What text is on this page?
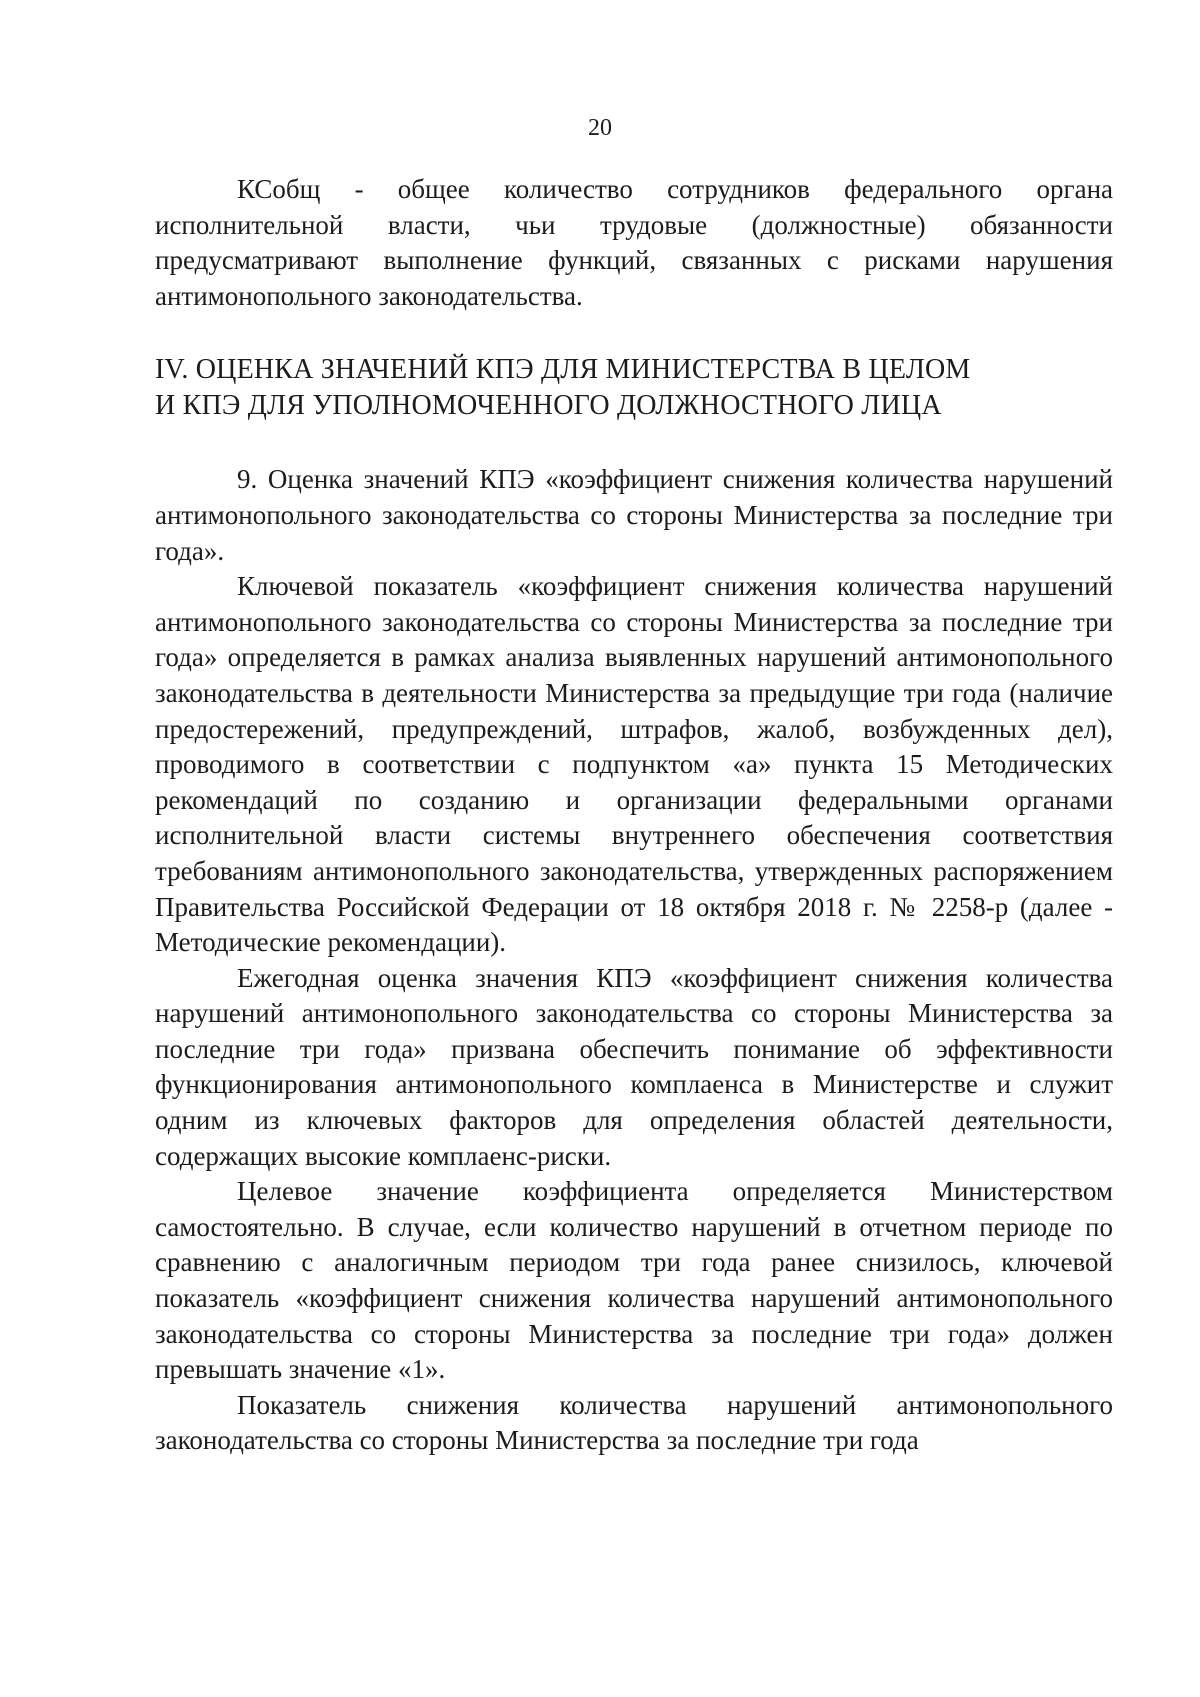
20

КСобщ - общее количество сотрудников федерального органа исполнительной власти, чьи трудовые (должностные) обязанности предусматривают выполнение функций, связанных с рисками нарушения антимонопольного законодательства.

IV. ОЦЕНКА ЗНАЧЕНИЙ КПЭ ДЛЯ МИНИСТЕРСТВА В ЦЕЛОМ
И КПЭ ДЛЯ УПОЛНОМОЧЕННОГО ДОЛЖНОСТНОГО ЛИЦА

9. Оценка значений КПЭ «коэффициент снижения количества нарушений антимонопольного законодательства со стороны Министерства за последние три года».

Ключевой показатель «коэффициент снижения количества нарушений антимонопольного законодательства со стороны Министерства за последние три года» определяется в рамках анализа выявленных нарушений антимонопольного законодательства в деятельности Министерства за предыдущие три года (наличие предостережений, предупреждений, штрафов, жалоб, возбужденных дел), проводимого в соответствии с подпунктом «а» пункта 15 Методических рекомендаций по созданию и организации федеральными органами исполнительной власти системы внутреннего обеспечения соответствия требованиям антимонопольного законодательства, утвержденных распоряжением Правительства Российской Федерации от 18 октября 2018 г. № 2258-р (далее - Методические рекомендации).

Ежегодная оценка значения КПЭ «коэффициент снижения количества нарушений антимонопольного законодательства со стороны Министерства за последние три года» призвана обеспечить понимание об эффективности функционирования антимонопольного комплаенса в Министерстве и служит одним из ключевых факторов для определения областей деятельности, содержащих высокие комплаенс-риски.

Целевое значение коэффициента определяется Министерством самостоятельно. В случае, если количество нарушений в отчетном периоде по сравнению с аналогичным периодом три года ранее снизилось, ключевой показатель «коэффициент снижения количества нарушений антимонопольного законодательства со стороны Министерства за последние три года» должен превышать значение «1».

Показатель снижения количества нарушений антимонопольного законодательства со стороны Министерства за последние три года
